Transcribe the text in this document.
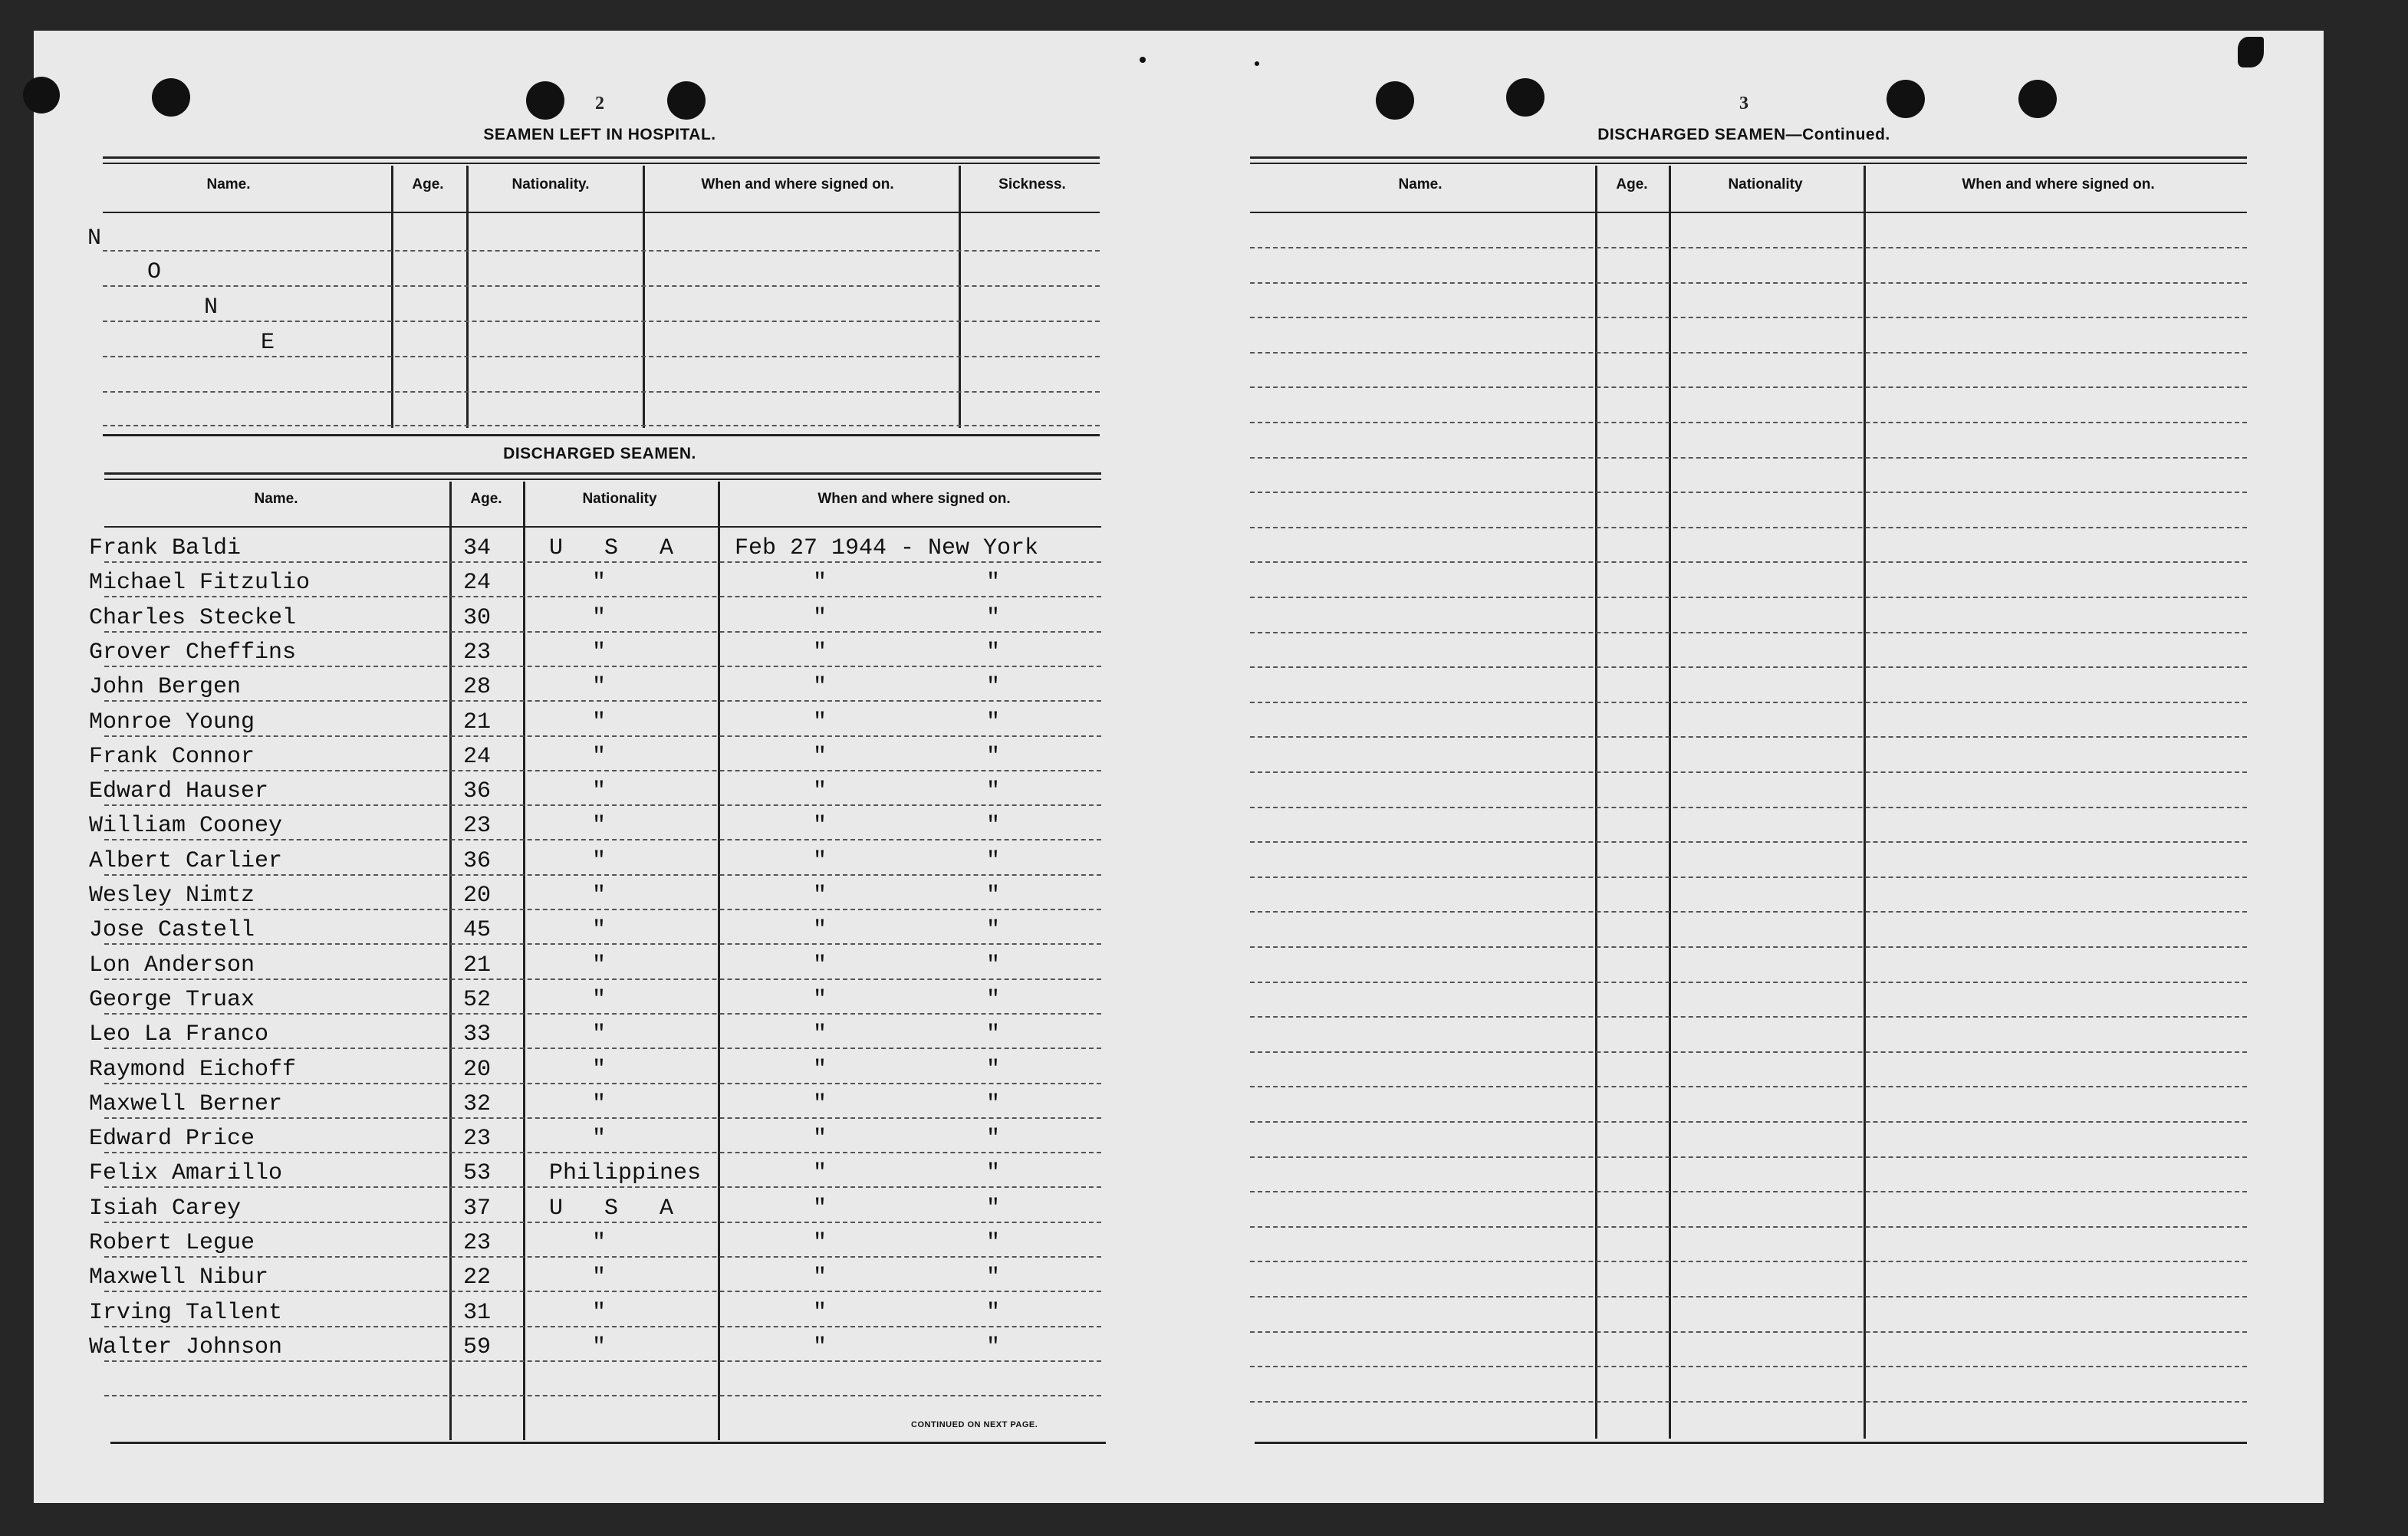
2
SEAMEN LEFT IN HOSPITAL.
Name.	Age.	Nationality.	When and where signed on.	Sickness.
N
O
N
E
DISCHARGED SEAMEN.
Name.	Age.	Nationality	When and where signed on.
Frank Baldi	34	U   S   A	Feb 27 1944 - New York
Michael Fitzulio	24	"	"	"
Charles Steckel	30	"	"	"
Grover Cheffins	23	"	"	"
John Bergen	28	"	"	"
Monroe Young	21	"	"	"
Frank Connor	24	"	"	"
Edward Hauser	36	"	"	"
William Cooney	23	"	"	"
Albert Carlier	36	"	"	"
Wesley Nimtz	20	"	"	"
Jose Castell	45	"	"	"
Lon Anderson	21	"	"	"
George Truax	52	"	"	"
Leo La Franco	33	"	"	"
Raymond Eichoff	20	"	"	"
Maxwell Berner	32	"	"	"
Edward Price	23	"	"	"
Felix Amarillo	53	Philippines	"	"
Isiah Carey	37	U   S   A	"	"
Robert Legue	23	"	"	"
Maxwell Nibur	22	"	"	"
Irving Tallent	31	"	"	"
Walter Johnson	59	"	"	"
CONTINUED ON NEXT PAGE.
3
DISCHARGED SEAMEN—Continued.
Name.	Age.	Nationality	When and where signed on.
